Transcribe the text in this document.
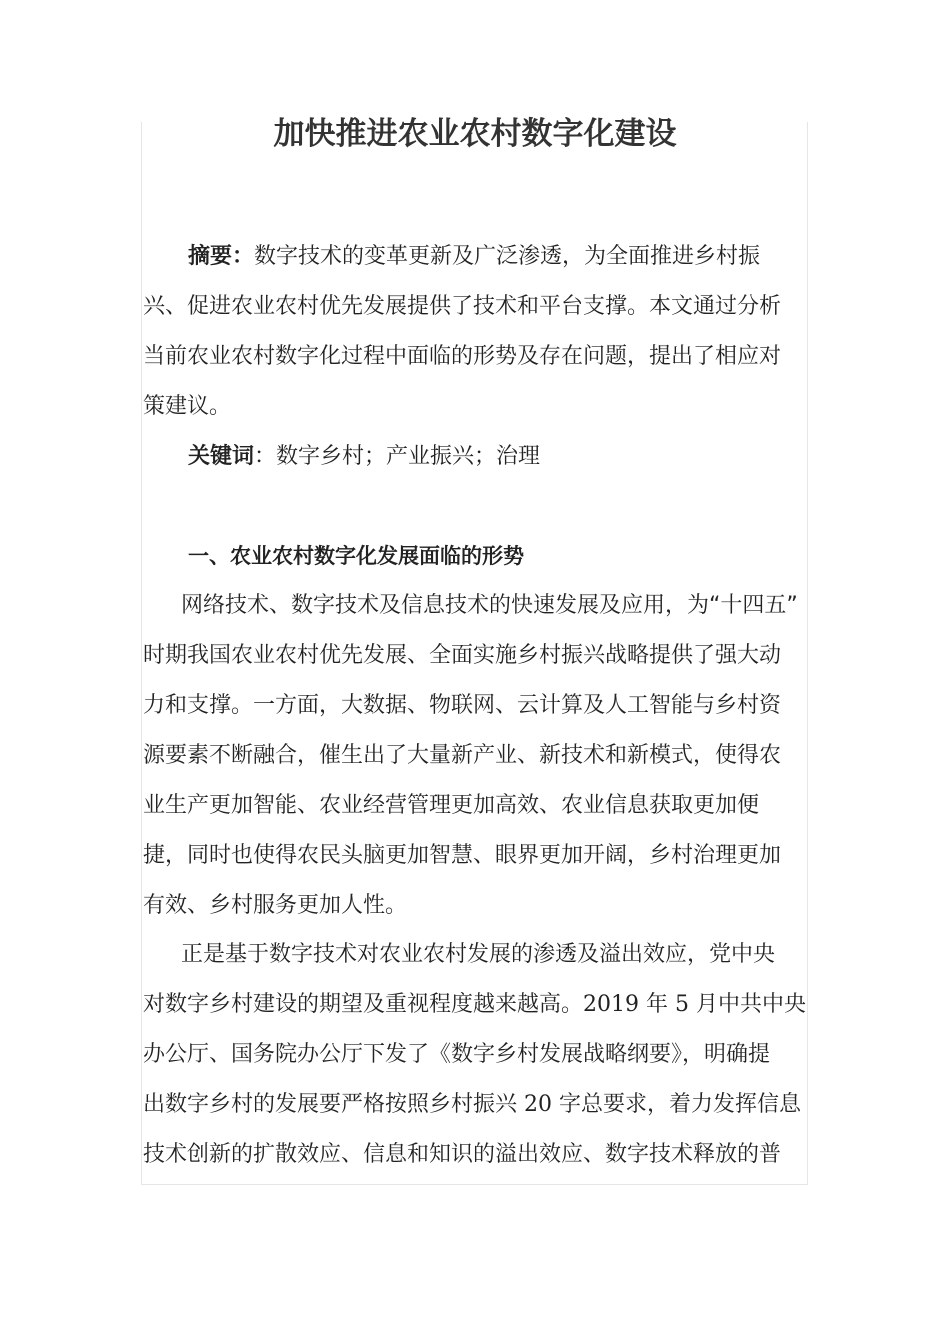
加快推进农业农村数字化建设
摘要：数字技术的变革更新及广泛渗透，为全面推进乡村振
兴、促进农业农村优先发展提供了技术和平台支撑。本文通过分析
当前农业农村数字化过程中面临的形势及存在问题，提出了相应对
策建议。
关键词：数字乡村；产业振兴；治理
一、农业农村数字化发展面临的形势
网络技术、数字技术及信息技术的快速发展及应用，为“十四五”
时期我国农业农村优先发展、全面实施乡村振兴战略提供了强大动
力和支撑。一方面，大数据、物联网、云计算及人工智能与乡村资
源要素不断融合，催生出了大量新产业、新技术和新模式，使得农
业生产更加智能、农业经营管理更加高效、农业信息获取更加便
捷，同时也使得农民头脑更加智慧、眼界更加开阔，乡村治理更加
有效、乡村服务更加人性。
正是基于数字技术对农业农村发展的渗透及溢出效应，党中央
对数字乡村建设的期望及重视程度越来越高。2019 年 5 月中共中央
办公厅、国务院办公厅下发了《数字乡村发展战略纲要》，明确提
出数字乡村的发展要严格按照乡村振兴 20 字总要求，着力发挥信息
技术创新的扩散效应、信息和知识的溢出效应、数字技术释放的普
